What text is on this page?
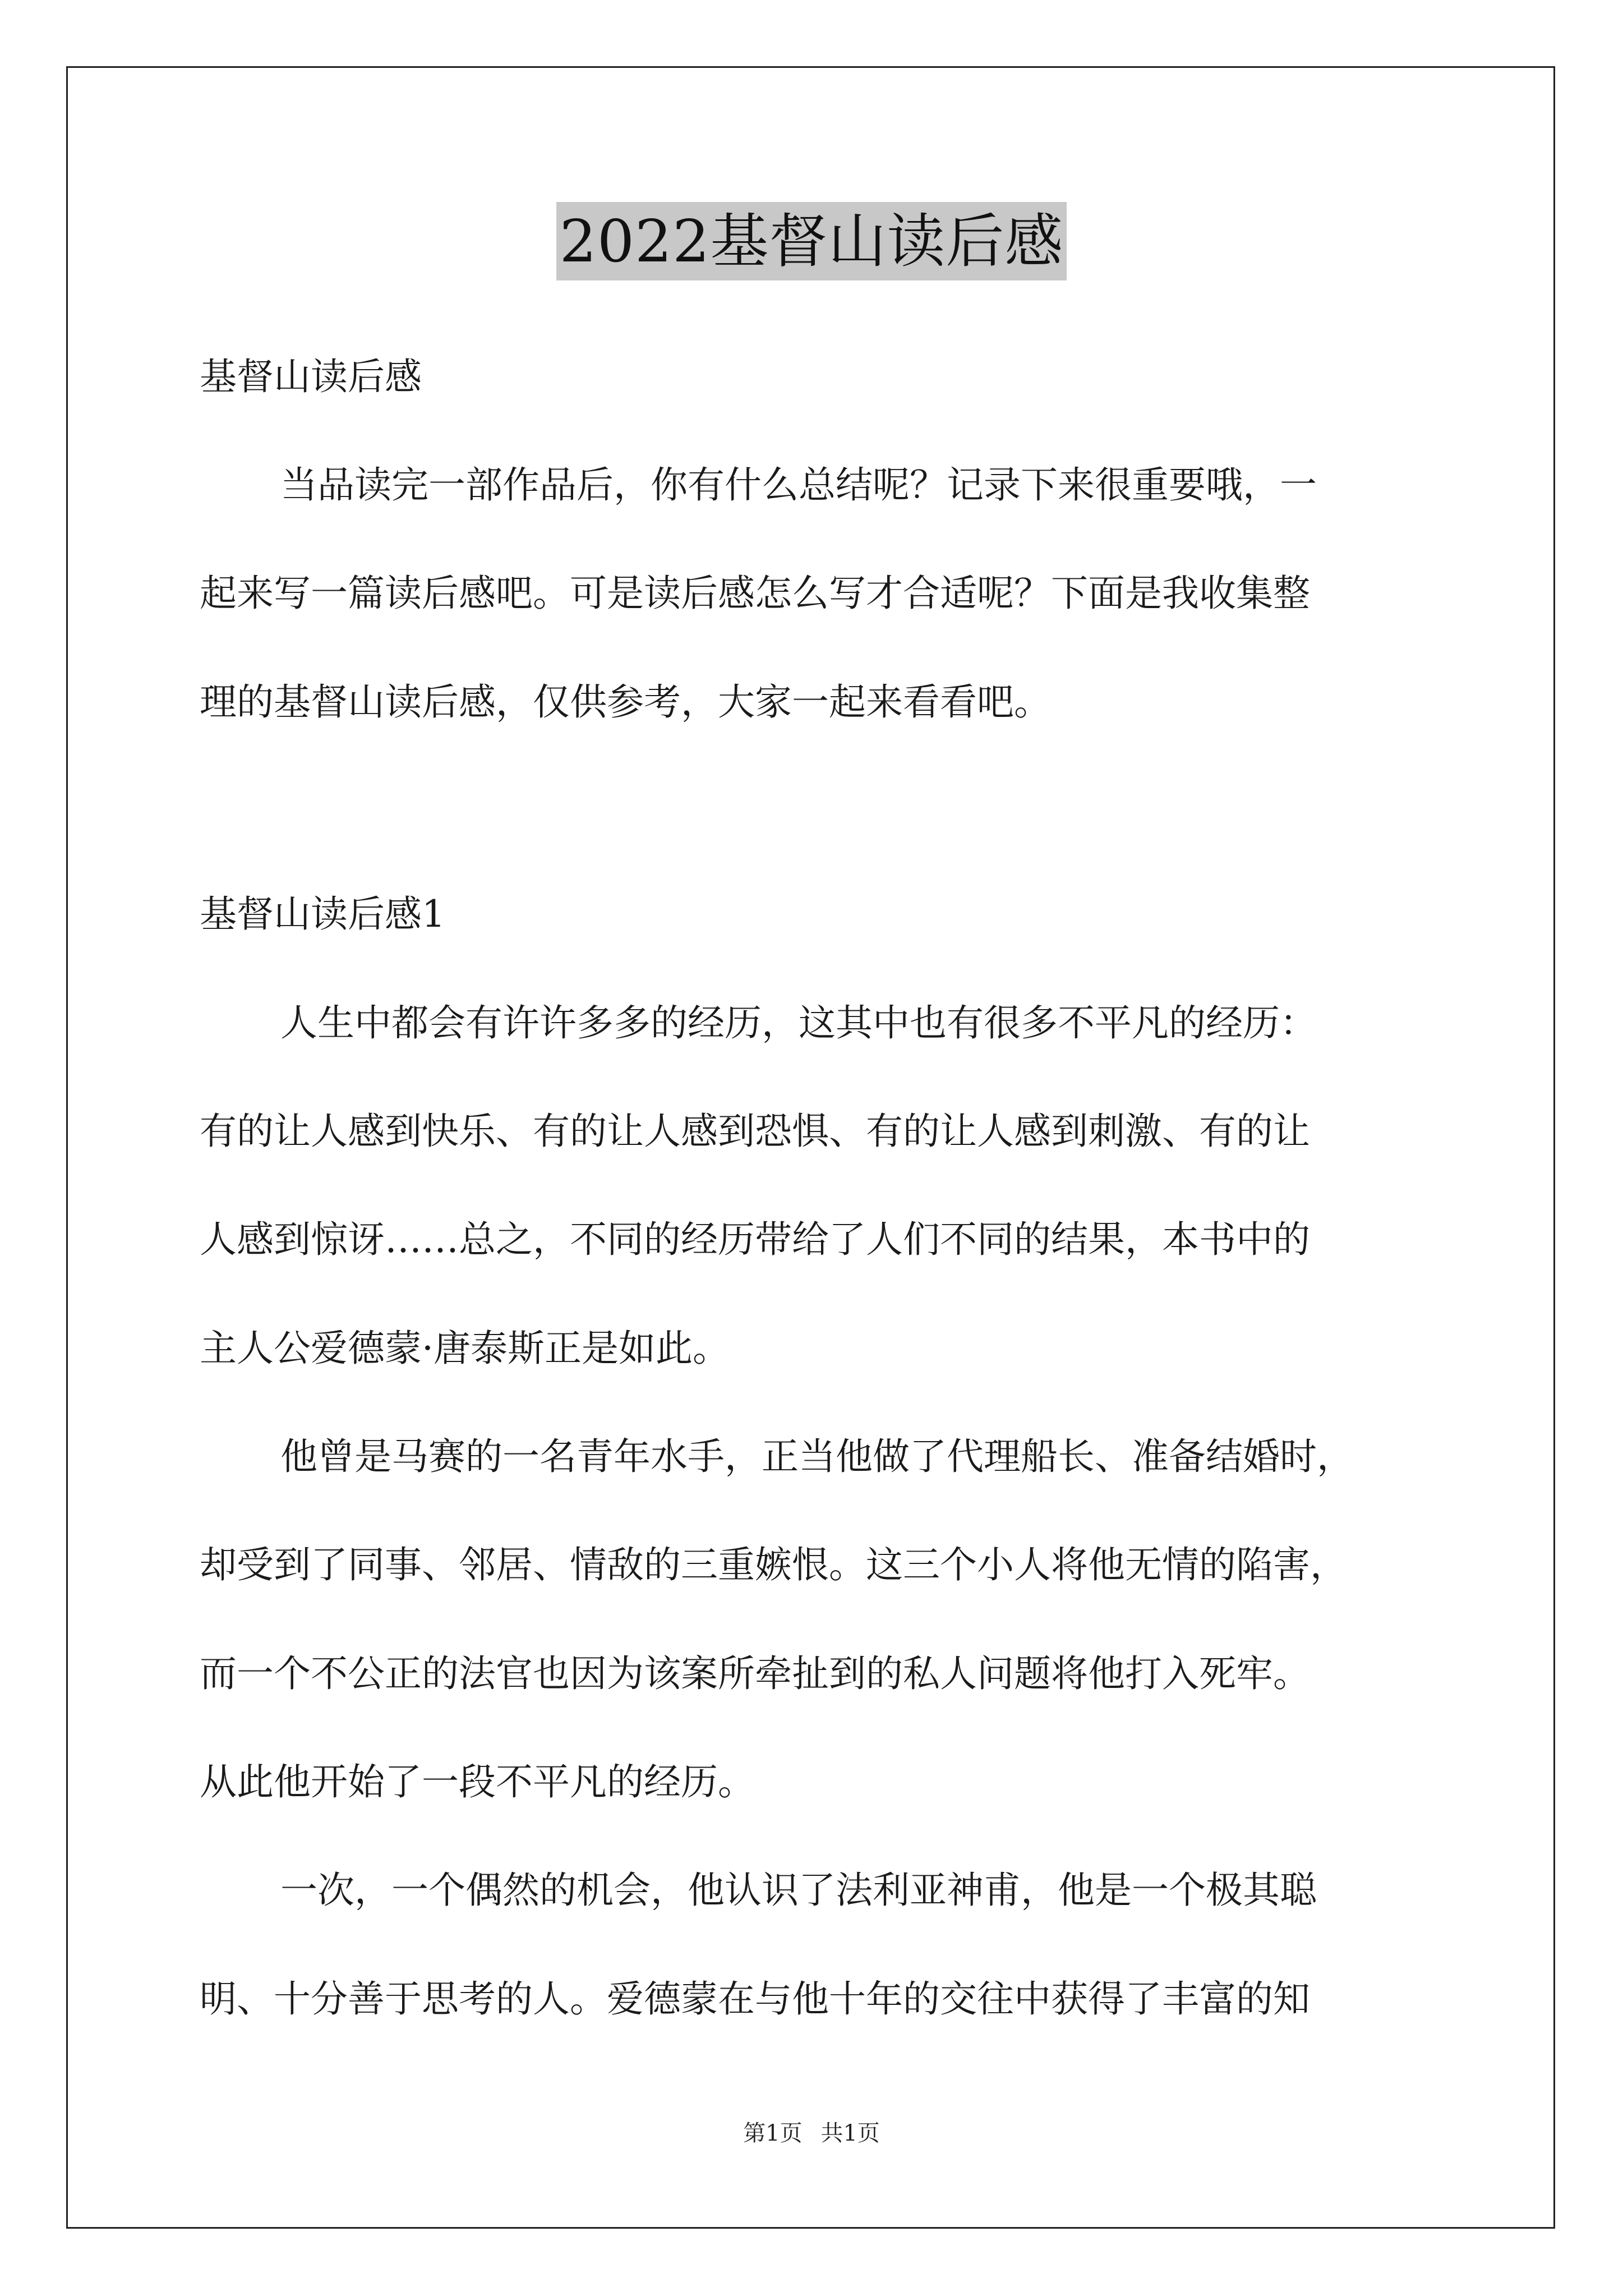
2022基督山读后感
基督山读后感
当品读完一部作品后，你有什么总结呢？记录下来很重要哦，一
起来写一篇读后感吧。可是读后感怎么写才合适呢？下面是我收集整
理的基督山读后感，仅供参考，大家一起来看看吧。
基督山读后感1
人生中都会有许许多多的经历，这其中也有很多不平凡的经历：
有的让人感到快乐、有的让人感到恐惧、有的让人感到刺激、有的让
人感到惊讶……总之，不同的经历带给了人们不同的结果，本书中的
主人公爱德蒙·唐泰斯正是如此。
他曾是马赛的一名青年水手，正当他做了代理船长、准备结婚时，
却受到了同事、邻居、情敌的三重嫉恨。这三个小人将他无情的陷害，
而一个不公正的法官也因为该案所牵扯到的私人问题将他打入死牢。
从此他开始了一段不平凡的经历。
一次，一个偶然的机会，他认识了法利亚神甫，他是一个极其聪
明、十分善于思考的人。爱德蒙在与他十年的交往中获得了丰富的知
第1页 共1页
